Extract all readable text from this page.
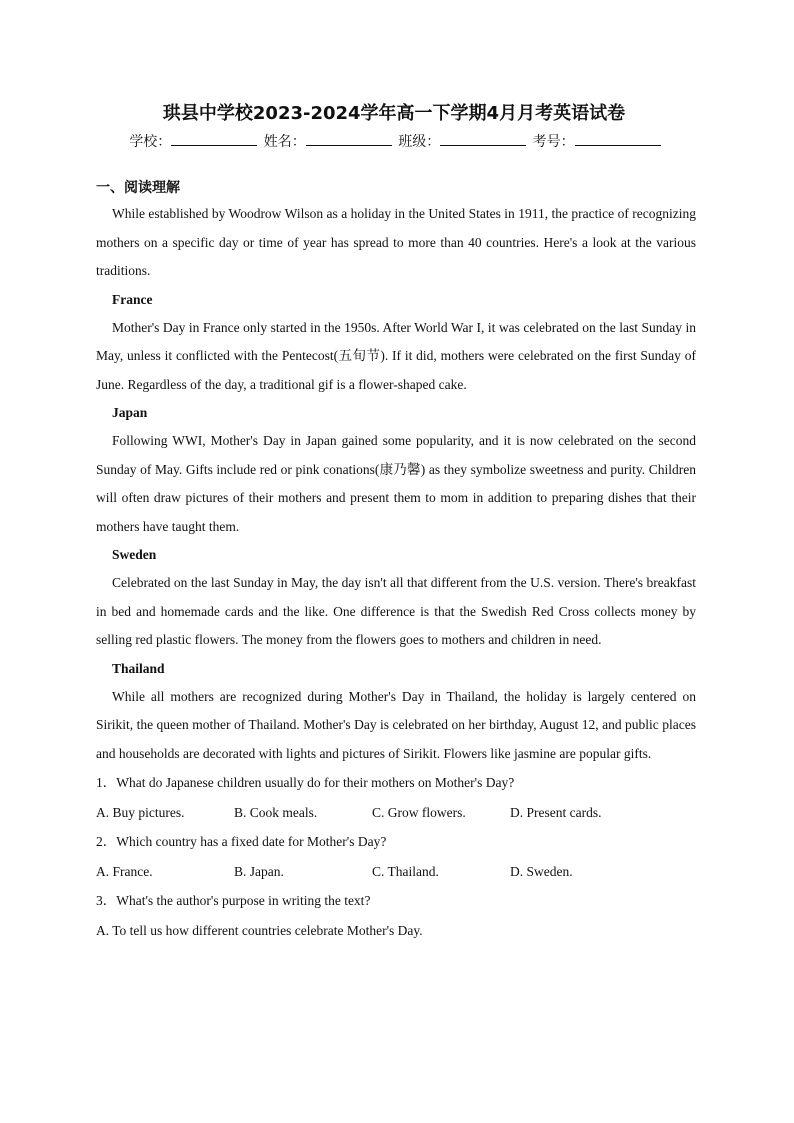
珙县中学校2023-2024学年高一下学期4月月考英语试卷
学校：	姓名：	班级：	考号：
一、阅读理解

While established by Woodrow Wilson as a holiday in the United States in 1911, the practice of recognizing mothers on a specific day or time of year has spread to more than 40 countries. Here's a look at the various traditions.

France

Mother's Day in France only started in the 1950s. After World War I, it was celebrated on the last Sunday in May, unless it conflicted with the Pentecost(五旬节). If it did, mothers were celebrated on the first Sunday of June. Regardless of the day, a traditional gif is a flower-shaped cake.

Japan

Following WWI, Mother's Day in Japan gained some popularity, and it is now celebrated on the second Sunday of May. Gifts include red or pink conations(康乃馨) as they symbolize sweetness and purity. Children will often draw pictures of their mothers and present them to mom in addition to preparing dishes that their mothers have taught them.

Sweden

Celebrated on the last Sunday in May, the day isn't all that different from the U.S. version. There's breakfast in bed and homemade cards and the like. One difference is that the Swedish Red Cross collects money by selling red plastic flowers. The money from the flowers goes to mothers and children in need.

Thailand

While all mothers are recognized during Mother's Day in Thailand, the holiday is largely centered on Sirikit, the queen mother of Thailand. Mother's Day is celebrated on her birthday, August 12, and public places and households are decorated with lights and pictures of Sirikit. Flowers like jasmine are popular gifts.

1．What do Japanese children usually do for their mothers on Mother's Day?
A. Buy pictures.	B. Cook meals.	C. Grow flowers.	D. Present cards.
2．Which country has a fixed date for Mother's Day?
A. France.	B. Japan.	C. Thailand.	D. Sweden.
3．What's the author's purpose in writing the text?
A. To tell us how different countries celebrate Mother's Day.
